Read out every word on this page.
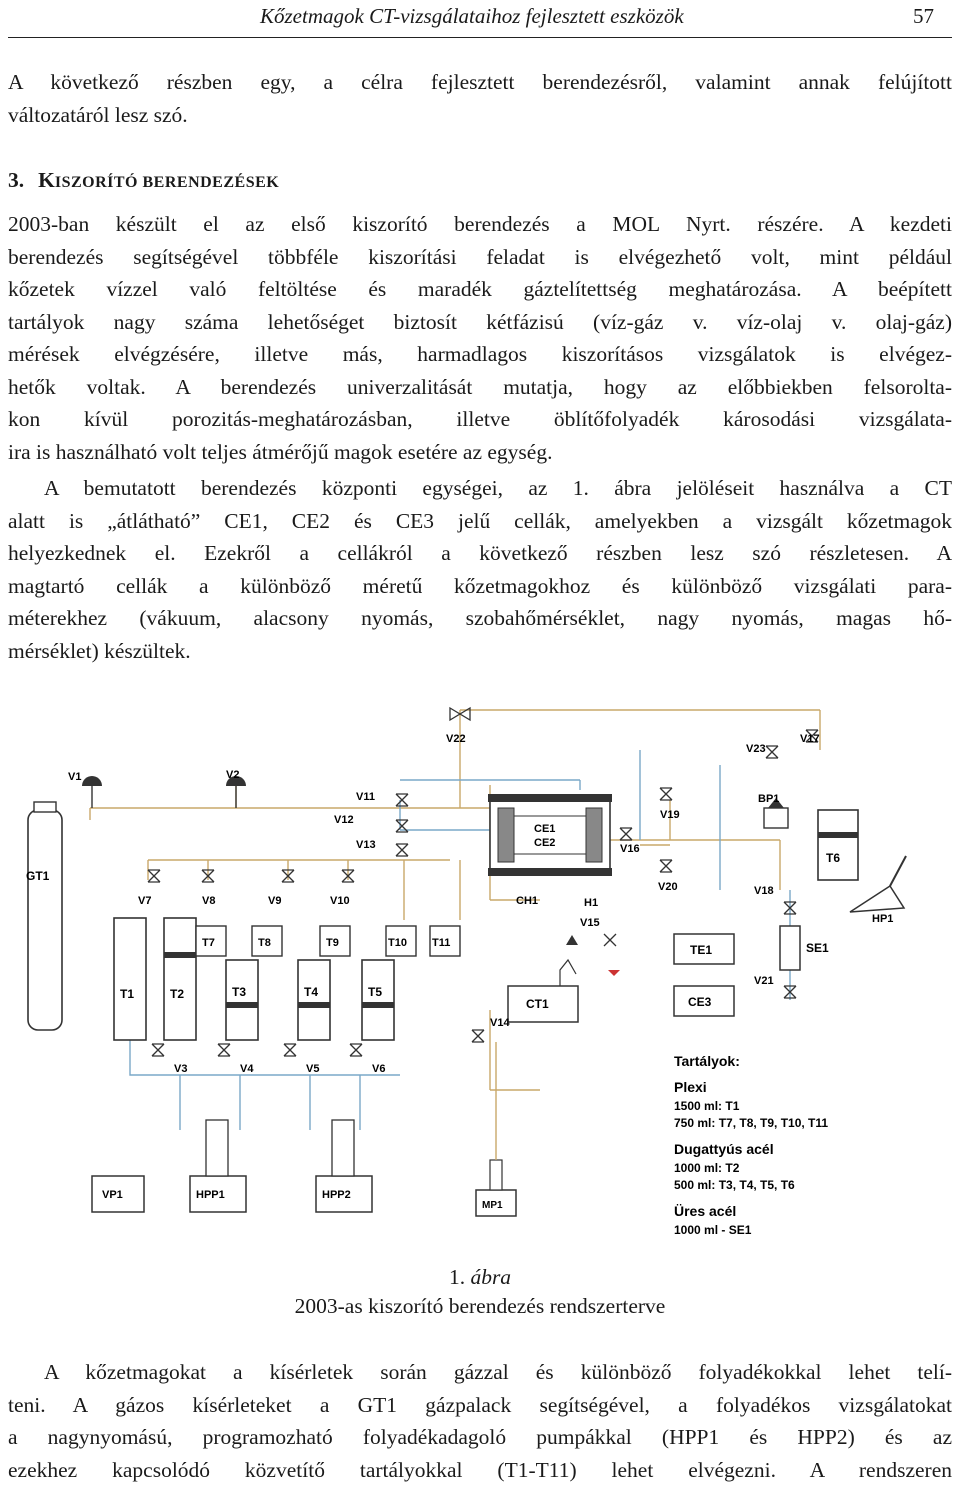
Kőzetmagok CT-vizsgálataihoz fejlesztett eszközök	57
A következő részben egy, a célra fejlesztett berendezésről, valamint annak felújított
változatáról lesz szó.
3. KISZORÍTÓ BERENDEZÉSEK
2003-ban készült el az első kiszorító berendezés a MOL Nyrt. részére. A kezdeti
berendezés segítségével többféle kiszorítási feladat is elvégezhető volt, mint például
kőzetek vízzel való feltöltése és maradék gáztelítettség meghatározása. A beépített
tartályok nagy száma lehetőséget biztosít kétfázisú (víz-gáz v. víz-olaj v. olaj-gáz)
mérések elvégzésére, illetve más, harmadlagos kiszorításos vizsgálatok is elvégez-
hetők voltak. A berendezés univerzalitását mutatja, hogy az előbbiekben felsorolta-
kon kívül porozitás-meghatározásban, illetve öblítőfolyadék károsodási vizsgálata-
ira is használható volt teljes átmérőjű magok esetére az egység.
A bemutatott berendezés központi egységei, az 1. ábra jelöléseit használva a CT
alatt is „átlátható” CE1, CE2 és CE3 jelű cellák, amelyekben a vizsgált kőzetmagok
helyezkednek el. Ezekről a cellákról a következő részben lesz szó részletesen. A
magtartó cellák a különböző méretű kőzetmagokhoz és különböző vizsgálati para-
méterekhez (vákuum, alacsony nyomás, szobahőmérséklet, nagy nyomás, magas hő-
mérséklet) készültek.
GT1
V1	V2
V22
V7	V8	V9	V10
V11
V12
V13
CE1
CE2
CH1	H1
V15
CT1
V14
TE1
CE3
V19
V16
V20
V23
V17
V18
V21
BP1
T6
SE1
HP1
T1	T2	T3	T4	T5
T7	T8	T9	T10 T11
V3	V4	V5	V6
VP1	HPP1	HPP2
MP1
Tartályok:
Plexi
1500 ml: T1
750 ml: T7, T8, T9, T10, T11
Dugattyús acél
1000 ml: T2
500 ml: T3, T4, T5, T6
Üres acél
1000 ml - SE1
1. ábra
2003-as kiszorító berendezés rendszerterve
A kőzetmagokat a kísérletek során gázzal és különböző folyadékokkal lehet telí-
teni. A gázos kísérleteket a GT1 gázpalack segítségével, a folyadékos vizsgálatokat
a nagynyomású, programozható folyadékadagoló pumpákkal (HPP1 és HPP2) és az
ezekhez kapcsolódó közvetítő tartályokkal (T1-T11) lehet elvégezni. A rendszeren
